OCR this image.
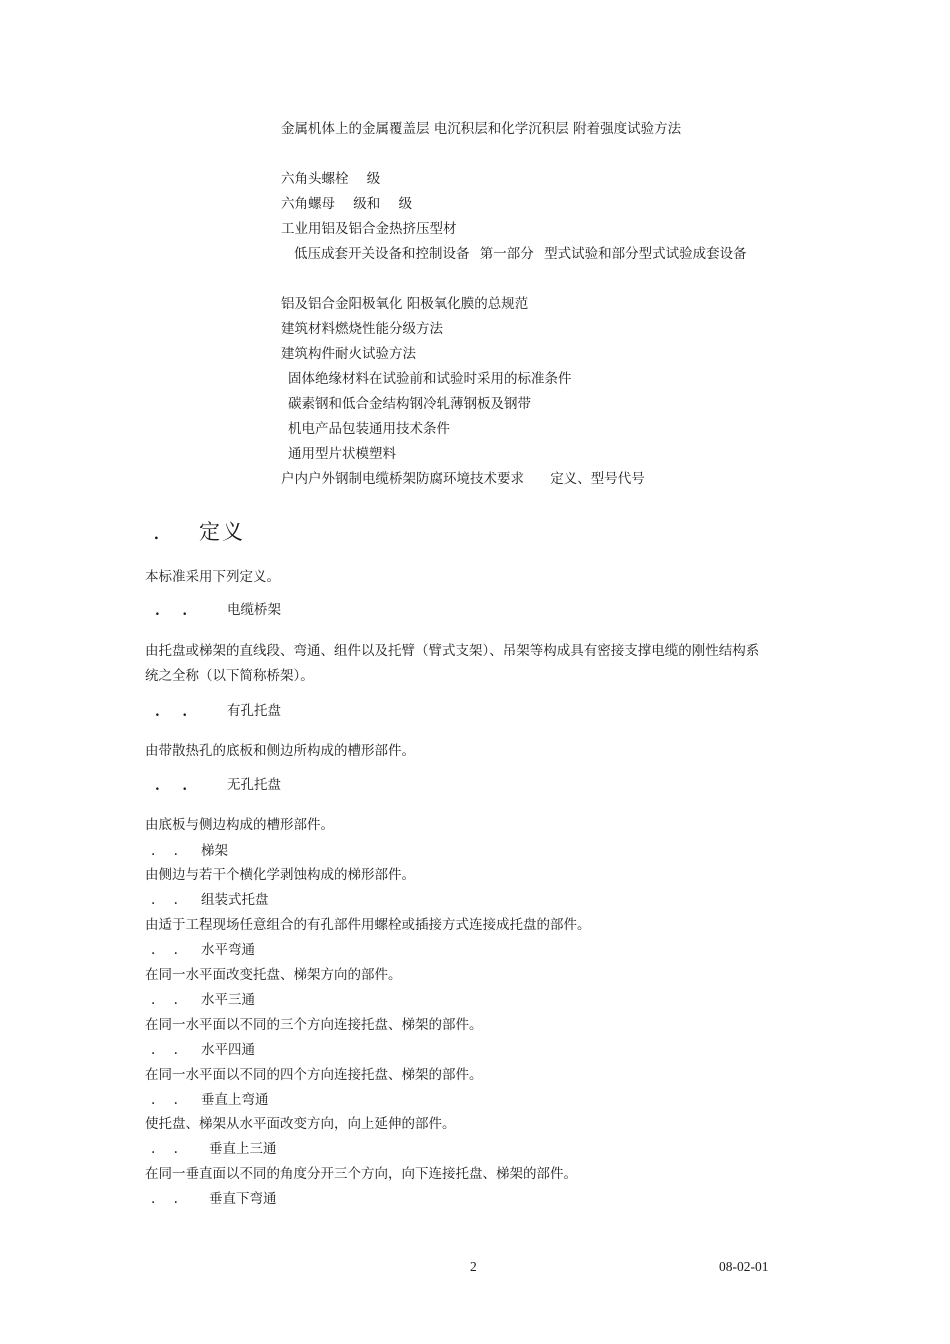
金属机体上的金属覆盖层 电沉积层和化学沉积层 附着强度试验方法
六角头螺栓 级
六角螺母 级和 级
工业用铝及铝合金热挤压型材
低压成套开关设备和控制设备 第一部分 型式试验和部分型式试验成套设备
铝及铝合金阳极氧化 阳极氧化膜的总规范
建筑材料燃烧性能分级方法
建筑构件耐火试验方法
固体绝缘材料在试验前和试验时采用的标准条件
碳素钢和低合金结构钢冷轧薄钢板及钢带
机电产品包装通用技术条件
通用型片状模塑料
户内户外钢制电缆桥架防腐环境技术要求 定义、型号代号
. 定义
本标准采用下列定义。
. .	电缆桥架
由托盘或梯架的直线段、弯通、组件以及托臂（臂式支架）、吊架等构成具有密接支撑电缆的刚性结构系
统之全称（以下简称桥架）。
. .	有孔托盘
由带散热孔的底板和侧边所构成的槽形部件。
. .	无孔托盘
由底板与侧边构成的槽形部件。
. . 梯架
由侧边与若干个横化学剥蚀构成的梯形部件。
. . 组装式托盘
由适于工程现场任意组合的有孔部件用螺栓或插接方式连接成托盘的部件。
. . 水平弯通
在同一水平面改变托盘、梯架方向的部件。
. . 水平三通
在同一水平面以不同的三个方向连接托盘、梯架的部件。
. . 水平四通
在同一水平面以不同的四个方向连接托盘、梯架的部件。
. . 垂直上弯通
使托盘、梯架从水平面改变方向，向上延伸的部件。
. . 垂直上三通
在同一垂直面以不同的角度分开三个方向，向下连接托盘、梯架的部件。
. . 垂直下弯通
2	08-02-01
